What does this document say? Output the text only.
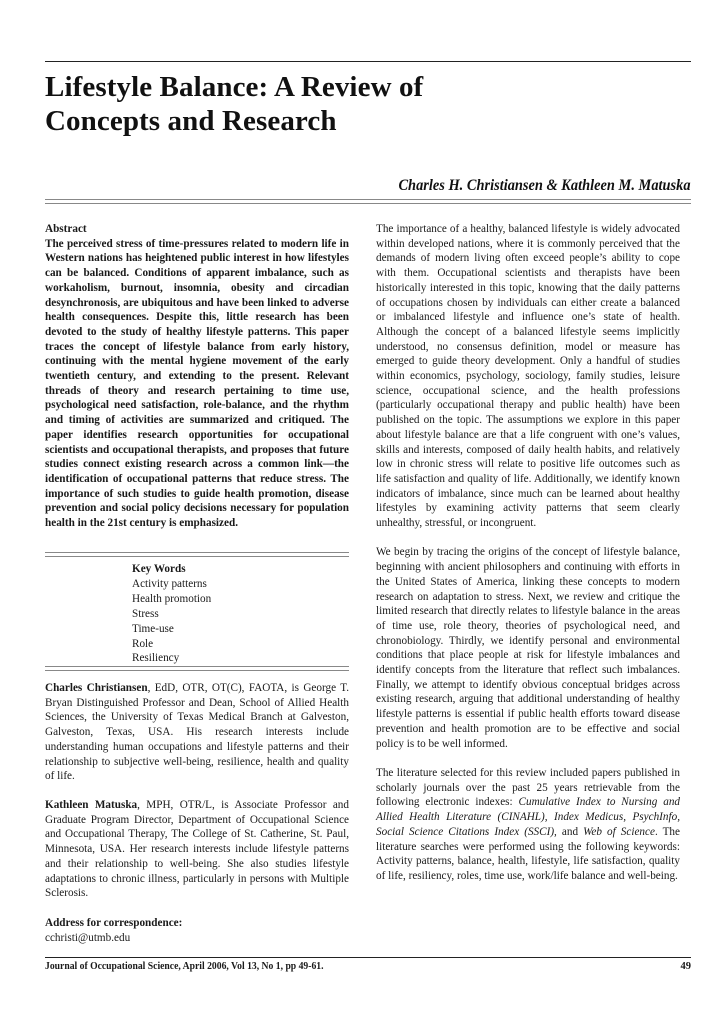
Lifestyle Balance: A Review of
Concepts and Research
Charles H. Christiansen & Kathleen M. Matuska
Abstract

The perceived stress of time-pressures related to modern life in Western nations has heightened public interest in how lifestyles can be balanced. Conditions of apparent imbalance, such as workaholism, burnout, insomnia, obesity and circadian desynchronosis, are ubiquitous and have been linked to adverse health consequences. Despite this, little research has been devoted to the study of healthy lifestyle patterns. This paper traces the concept of lifestyle balance from early history, continuing with the mental hygiene movement of the early twentieth century, and extending to the present. Relevant threads of theory and research pertaining to time use, psychological need satisfaction, role-balance, and the rhythm and timing of activities are summarized and critiqued. The paper identifies research opportunities for occupational scientists and occupational therapists, and proposes that future studies connect existing research across a common link—the identification of occupational patterns that reduce stress. The importance of such studies to guide health promotion, disease prevention and social policy decisions necessary for population health in the 21st century is emphasized.

Key Words
Activity patterns
Health promotion
Stress
Time-use
Role
Resiliency

Charles Christiansen, EdD, OTR, OT(C), FAOTA, is George T. Bryan Distinguished Professor and Dean, School of Allied Health Sciences, the University of Texas Medical Branch at Galveston, Galveston, Texas, USA. His research interests include understanding human occupations and lifestyle patterns and their relationship to subjective well-being, resilience, health and quality of life.

Kathleen Matuska, MPH, OTR/L, is Associate Professor and Graduate Program Director, Department of Occupational Science and Occupational Therapy, The College of St. Catherine, St. Paul, Minnesota, USA. Her research interests include lifestyle patterns and their relationship to well-being. She also studies lifestyle adaptations to chronic illness, particularly in persons with Multiple Sclerosis.

Address for correspondence:
cchristi@utmb.edu

The importance of a healthy, balanced lifestyle is widely advocated within developed nations, where it is commonly perceived that the demands of modern living often exceed people’s ability to cope with them. Occupational scientists and therapists have been historically interested in this topic, knowing that the daily patterns of occupations chosen by individuals can either create a balanced or imbalanced lifestyle and influence one’s state of health. Although the concept of a balanced lifestyle seems implicitly understood, no consensus definition, model or measure has emerged to guide theory development. Only a handful of studies within economics, psychology, sociology, family studies, leisure science, occupational science, and the health professions (particularly occupational therapy and public health) have been published on the topic. The assumptions we explore in this paper about lifestyle balance are that a life congruent with one’s values, skills and interests, composed of daily health habits, and relatively low in chronic stress will relate to positive life outcomes such as life satisfaction and quality of life. Additionally, we identify known indicators of imbalance, since much can be learned about healthy lifestyles by examining activity patterns that seem clearly unhealthy, stressful, or incongruent.

We begin by tracing the origins of the concept of lifestyle balance, beginning with ancient philosophers and continuing with efforts in the United States of America, linking these concepts to modern research on adaptation to stress. Next, we review and critique the limited research that directly relates to lifestyle balance in the areas of time use, role theory, theories of psychological need, and chronobiology. Thirdly, we identify personal and environmental conditions that place people at risk for lifestyle imbalances and identify concepts from the literature that reflect such imbalances. Finally, we attempt to identify obvious conceptual bridges across existing research, arguing that additional understanding of healthy lifestyle patterns is essential if public health efforts toward disease prevention and health promotion are to be effective and social policy is to be well informed.

The literature selected for this review included papers published in scholarly journals over the past 25 years retrievable from the following electronic indexes: Cumulative Index to Nursing and Allied Health Literature (CINAHL), Index Medicus, PsychInfo, Social Science Citations Index (SSCI), and Web of Science. The literature searches were performed using the following keywords: Activity patterns, balance, health, lifestyle, life satisfaction, quality of life, resiliency, roles, time use, work/life balance and well-being.

Journal of Occupational Science, April 2006, Vol 13, No 1, pp 49-61.	49
